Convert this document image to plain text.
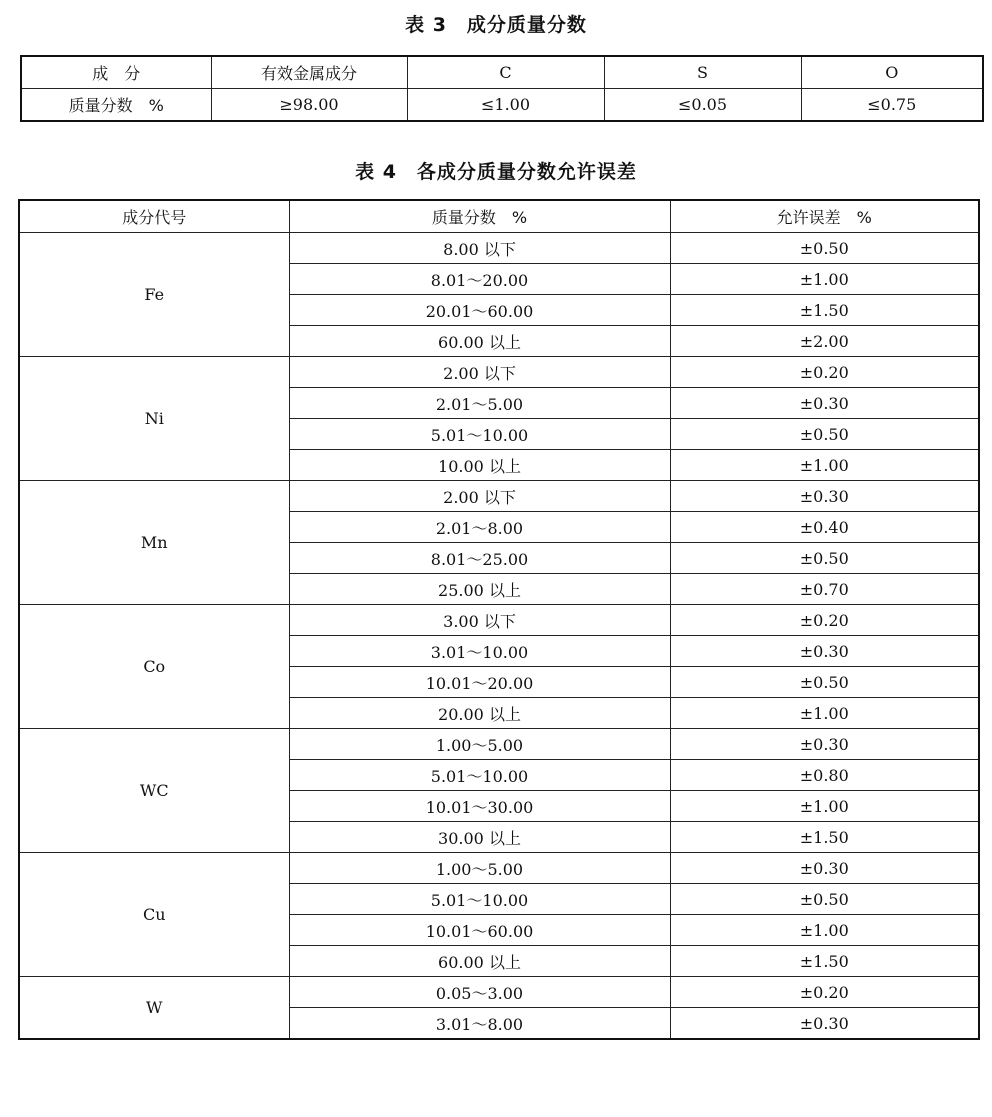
表 3　成分质量分数
成　分	有效金属成分	C	S	O
质量分数　%	≥98.00	≤1.00	≤0.05	≤0.75
表 4　各成分质量分数允许误差
成分代号	质量分数　%	允许误差　%
Fe	8.00 以下	±0.50
	8.01～20.00	±1.00
	20.01～60.00	±1.50
	60.00 以上	±2.00
Ni	2.00 以下	±0.20
	2.01～5.00	±0.30
	5.01～10.00	±0.50
	10.00 以上	±1.00
Mn	2.00 以下	±0.30
	2.01～8.00	±0.40
	8.01～25.00	±0.50
	25.00 以上	±0.70
Co	3.00 以下	±0.20
	3.01～10.00	±0.30
	10.01～20.00	±0.50
	20.00 以上	±1.00
WC	1.00～5.00	±0.30
	5.01～10.00	±0.80
	10.01～30.00	±1.00
	30.00 以上	±1.50
Cu	1.00～5.00	±0.30
	5.01～10.00	±0.50
	10.01～60.00	±1.00
	60.00 以上	±1.50
W	0.05～3.00	±0.20
	3.01～8.00	±0.30
